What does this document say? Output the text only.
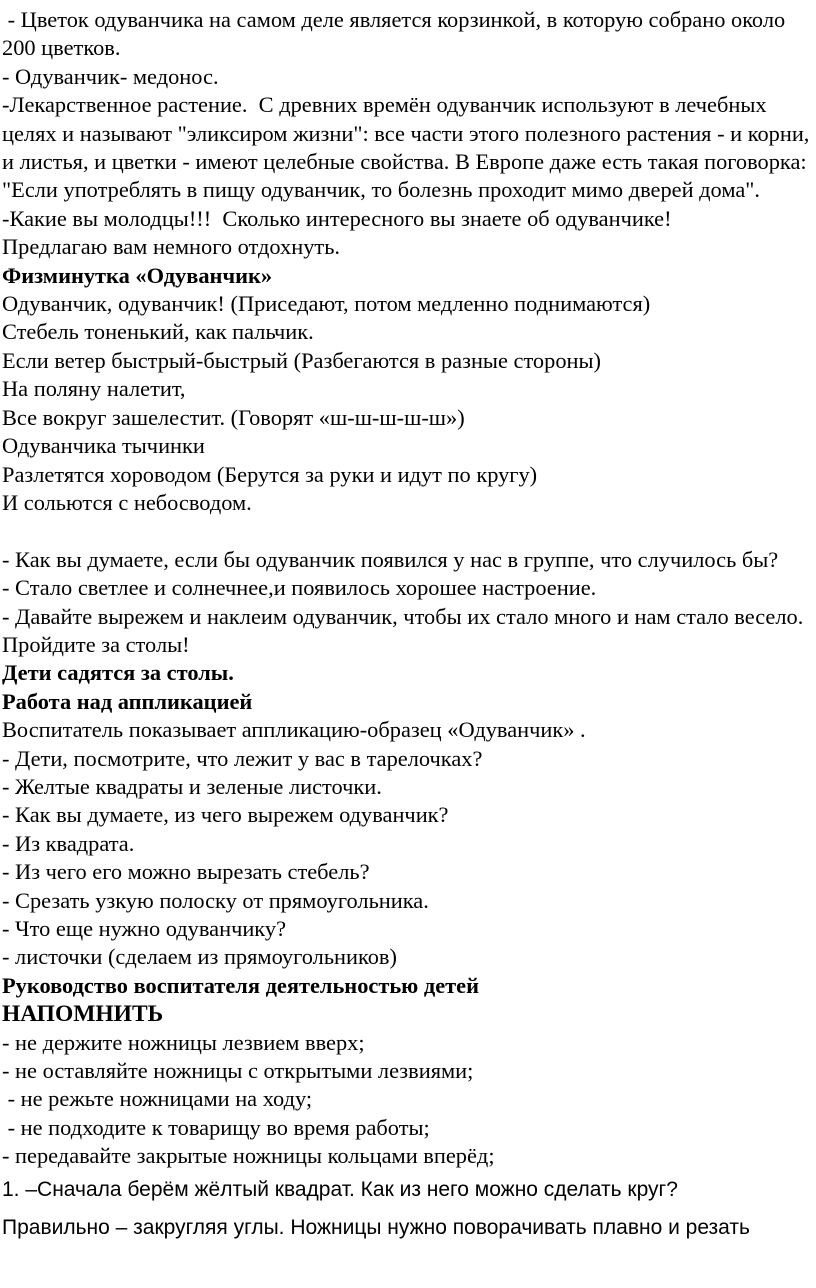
- Цветок одуванчика на самом деле является корзинкой, в которую собрано около 200 цветков.

- Одуванчик- медонос.

-Лекарственное растение.  С древних времён одуванчик используют в лечебных целях и называют "эликсиром жизни": все части этого полезного растения - и корни, и листья, и цветки - имеют целебные свойства. В Европе даже есть такая поговорка: "Если употреблять в пищу одуванчик, то болезнь проходит мимо дверей дома".

-Какие вы молодцы!!!  Сколько интересного вы знаете об одуванчике!

Предлагаю вам немного отдохнуть.

Физминутка «Одуванчик»

Одуванчик, одуванчик! (Приседают, потом медленно поднимаются)

Стебель тоненький, как пальчик.

Если ветер быстрый-быстрый (Разбегаются в разные стороны)

На поляну налетит,

Все вокруг зашелестит. (Говорят «ш-ш-ш-ш-ш»)

Одуванчика тычинки

Разлетятся хороводом (Берутся за руки и идут по кругу)

И сольются с небосводом.

- Как вы думаете, если бы одуванчик появился у нас в группе, что случилось бы?

- Стало светлее и солнечнее,и появилось хорошее настроение.

- Давайте вырежем и наклеим одуванчик, чтобы их стало много и нам стало весело. Пройдите за столы!

Дети садятся за столы.

Работа над аппликацией

Воспитатель показывает аппликацию-образец «Одуванчик» .

- Дети, посмотрите, что лежит у вас в тарелочках?

- Желтые квадраты и зеленые листочки.

- Как вы думаете, из чего вырежем одуванчик?

- Из квадрата.

- Из чего его можно вырезать стебель?

- Срезать узкую полоску от прямоугольника.

- Что еще нужно одуванчику?

- листочки (сделаем из прямоугольников)

Руководство воспитателя деятельностью детей

НАПОМНИТЬ

- не держите ножницы лезвием вверх;

- не оставляйте ножницы с открытыми лезвиями;

- не режьте ножницами на ходу;

- не подходите к товарищу во время работы;

- передавайте закрытые ножницы кольцами вперёд;

1. –Сначала берём жёлтый квадрат. Как из него можно сделать круг?

Правильно – закругляя углы. Ножницы нужно поворачивать плавно и резать
